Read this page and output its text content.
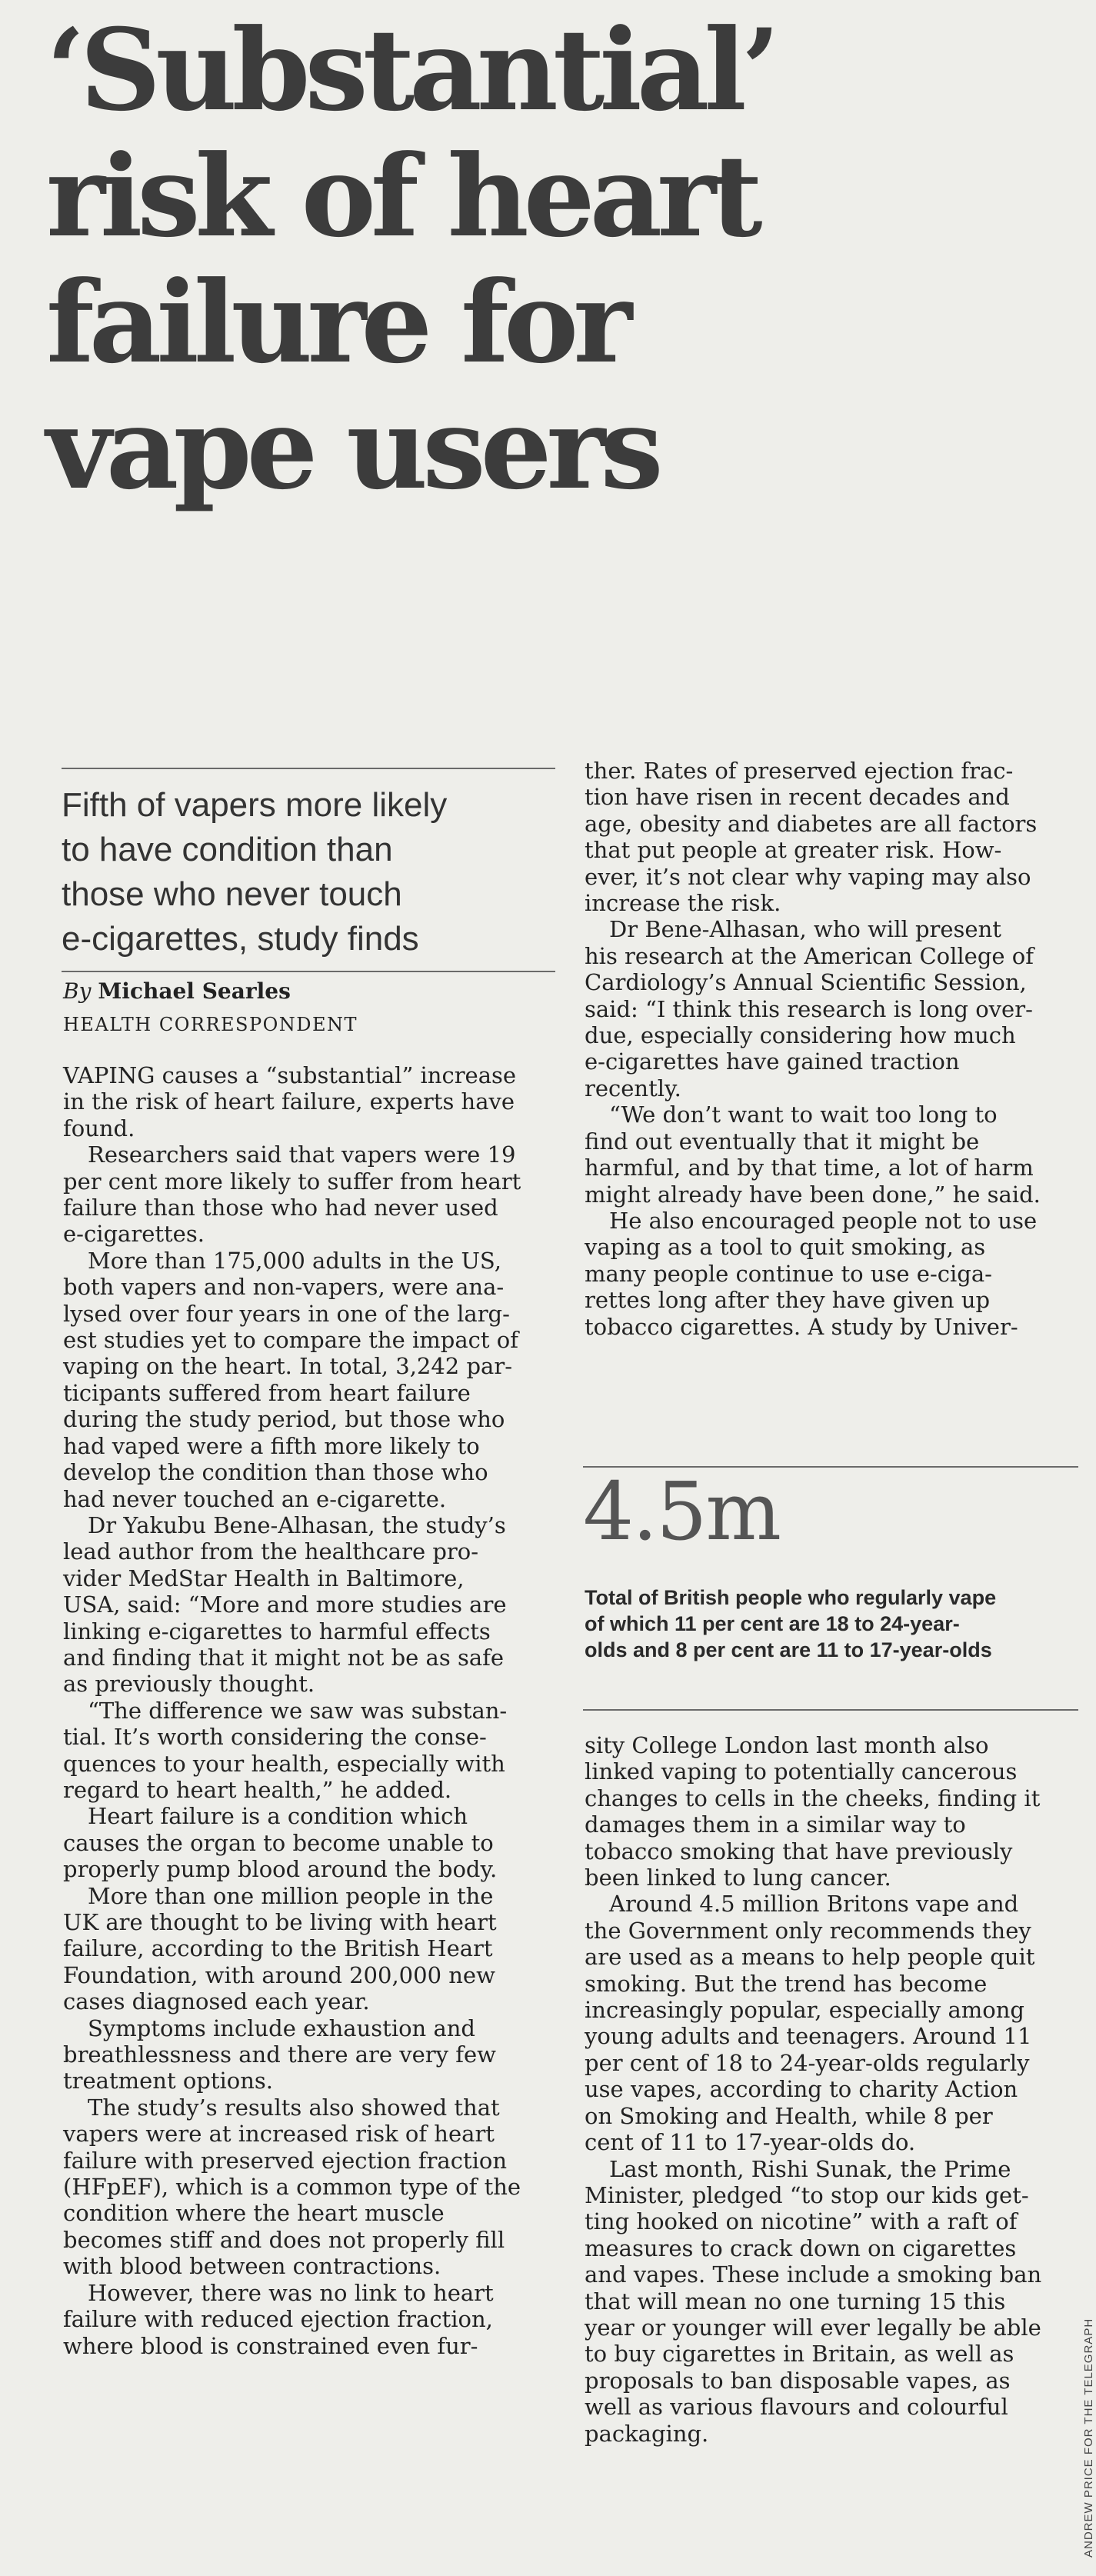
‘Substantial’
risk of heart
failure for
vape users
Fifth of vapers more likely
to have condition than
those who never touch
e-cigarettes, study finds
By Michael Searles
HEALTH CORRESPONDENT
VAPING causes a “substantial” increase
in the risk of heart failure, experts have
found.
Researchers said that vapers were 19
per cent more likely to suffer from heart
failure than those who had never used
e-cigarettes.
More than 175,000 adults in the US,
both vapers and non-vapers, were ana-
lysed over four years in one of the larg-
est studies yet to compare the impact of
vaping on the heart. In total, 3,242 par-
ticipants suffered from heart failure
during the study period, but those who
had vaped were a fifth more likely to
develop the condition than those who
had never touched an e-cigarette.
Dr Yakubu Bene-Alhasan, the study’s
lead author from the healthcare pro-
vider MedStar Health in Baltimore,
USA, said: “More and more studies are
linking e-cigarettes to harmful effects
and finding that it might not be as safe
as previously thought.
“The difference we saw was substan-
tial. It’s worth considering the conse-
quences to your health, especially with
regard to heart health,” he added.
Heart failure is a condition which
causes the organ to become unable to
properly pump blood around the body.
More than one million people in the
UK are thought to be living with heart
failure, according to the British Heart
Foundation, with around 200,000 new
cases diagnosed each year.
Symptoms include exhaustion and
breathlessness and there are very few
treatment options.
The study’s results also showed that
vapers were at increased risk of heart
failure with preserved ejection fraction
(HFpEF), which is a common type of the
condition where the heart muscle
becomes stiff and does not properly fill
with blood between contractions.
However, there was no link to heart
failure with reduced ejection fraction,
where blood is constrained even fur-
ther. Rates of preserved ejection frac-
tion have risen in recent decades and
age, obesity and diabetes are all factors
that put people at greater risk. How-
ever, it’s not clear why vaping may also
increase the risk.
Dr Bene-Alhasan, who will present
his research at the American College of
Cardiology’s Annual Scientific Session,
said: “I think this research is long over-
due, especially considering how much
e-cigarettes have gained traction
recently.
“We don’t want to wait too long to
find out eventually that it might be
harmful, and by that time, a lot of harm
might already have been done,” he said.
He also encouraged people not to use
vaping as a tool to quit smoking, as
many people continue to use e-ciga-
rettes long after they have given up
tobacco cigarettes. A study by Univer-
4.5m
Total of British people who regularly vape
of which 11 per cent are 18 to 24-year-
olds and 8 per cent are 11 to 17-year-olds
sity College London last month also
linked vaping to potentially cancerous
changes to cells in the cheeks, finding it
damages them in a similar way to
tobacco smoking that have previously
been linked to lung cancer.
Around 4.5 million Britons vape and
the Government only recommends they
are used as a means to help people quit
smoking. But the trend has become
increasingly popular, especially among
young adults and teenagers. Around 11
per cent of 18 to 24-year-olds regularly
use vapes, according to charity Action
on Smoking and Health, while 8 per
cent of 11 to 17-year-olds do.
Last month, Rishi Sunak, the Prime
Minister, pledged “to stop our kids get-
ting hooked on nicotine” with a raft of
measures to crack down on cigarettes
and vapes. These include a smoking ban
that will mean no one turning 15 this
year or younger will ever legally be able
to buy cigarettes in Britain, as well as
proposals to ban disposable vapes, as
well as various flavours and colourful
packaging.	ANDREW PRICE FOR THE TELEGRAPH
